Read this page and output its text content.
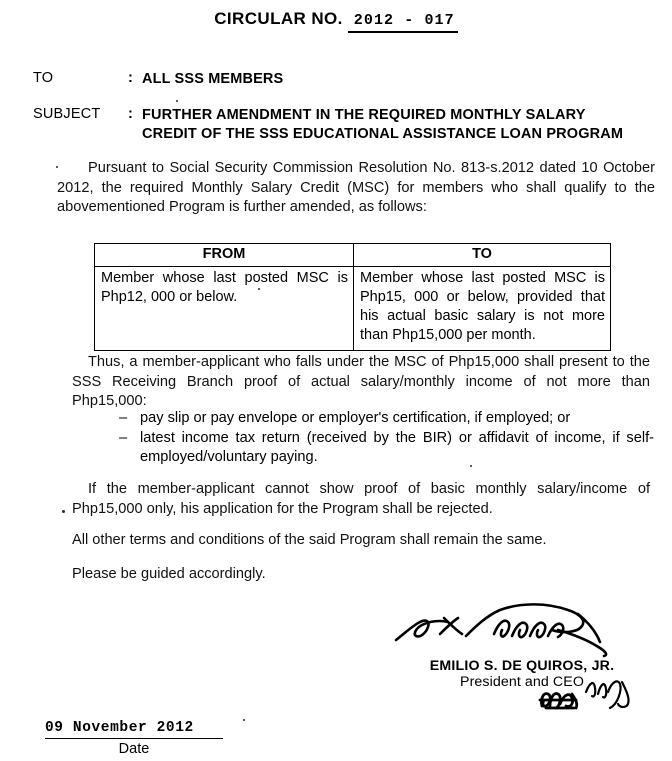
CIRCULAR NO. 2012 - 017
TO	: ALL SSS MEMBERS
SUBJECT : FURTHER AMENDMENT IN THE REQUIRED MONTHLY SALARY
CREDIT OF THE SSS EDUCATIONAL ASSISTANCE LOAN PROGRAM
Pursuant to Social Security Commission Resolution No. 813-s.2012 dated 10 October 2012, the required Monthly Salary Credit (MSC) for members who shall qualify to the abovementioned Program is further amended, as follows:
FROM	TO
Member whose last posted MSC is Php12, 000 or below.	Member whose last posted MSC is Php15, 000 or below, provided that his actual basic salary is not more than Php15,000 per month.
Thus, a member-applicant who falls under the MSC of Php15,000 shall present to the SSS Receiving Branch proof of actual salary/monthly income of not more than Php15,000:
– pay slip or pay envelope or employer's certification, if employed; or
– latest income tax return (received by the BIR) or affidavit of income, if self-employed/voluntary paying.
If the member-applicant cannot show proof of basic monthly salary/income of Php15,000 only, his application for the Program shall be rejected.
All other terms and conditions of the said Program shall remain the same.
Please be guided accordingly.
EMILIO S. DE QUIROS, JR.
President and CEO
09 November 2012
Date
